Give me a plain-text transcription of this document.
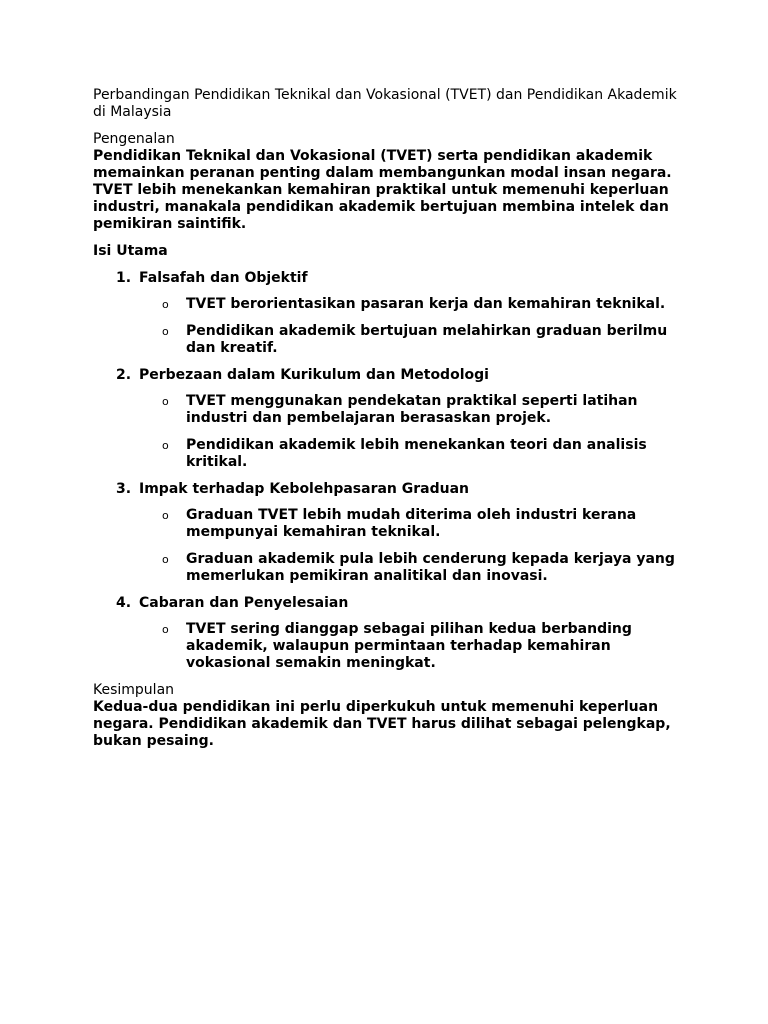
Perbandingan Pendidikan Teknikal dan Vokasional (TVET) dan Pendidikan Akademik di Malaysia

Pengenalan

Pendidikan Teknikal dan Vokasional (TVET) serta pendidikan akademik memainkan peranan penting dalam membangunkan modal insan negara. TVET lebih menekankan kemahiran praktikal untuk memenuhi keperluan industri, manakala pendidikan akademik bertujuan membina intelek dan pemikiran saintifik.

Isi Utama

1. Falsafah dan Objektif
o	TVET berorientasikan pasaran kerja dan kemahiran teknikal.
o	Pendidikan akademik bertujuan melahirkan graduan berilmu dan kreatif.
2. Perbezaan dalam Kurikulum dan Metodologi
o	TVET menggunakan pendekatan praktikal seperti latihan industri dan pembelajaran berasaskan projek.
o	Pendidikan akademik lebih menekankan teori dan analisis kritikal.
3. Impak terhadap Kebolehpasaran Graduan
o	Graduan TVET lebih mudah diterima oleh industri kerana mempunyai kemahiran teknikal.
o	Graduan akademik pula lebih cenderung kepada kerjaya yang memerlukan pemikiran analitikal dan inovasi.
4. Cabaran dan Penyelesaian
o	TVET sering dianggap sebagai pilihan kedua berbanding akademik, walaupun permintaan terhadap kemahiran vokasional semakin meningkat.

Kesimpulan

Kedua-dua pendidikan ini perlu diperkukuh untuk memenuhi keperluan negara. Pendidikan akademik dan TVET harus dilihat sebagai pelengkap, bukan pesaing.
